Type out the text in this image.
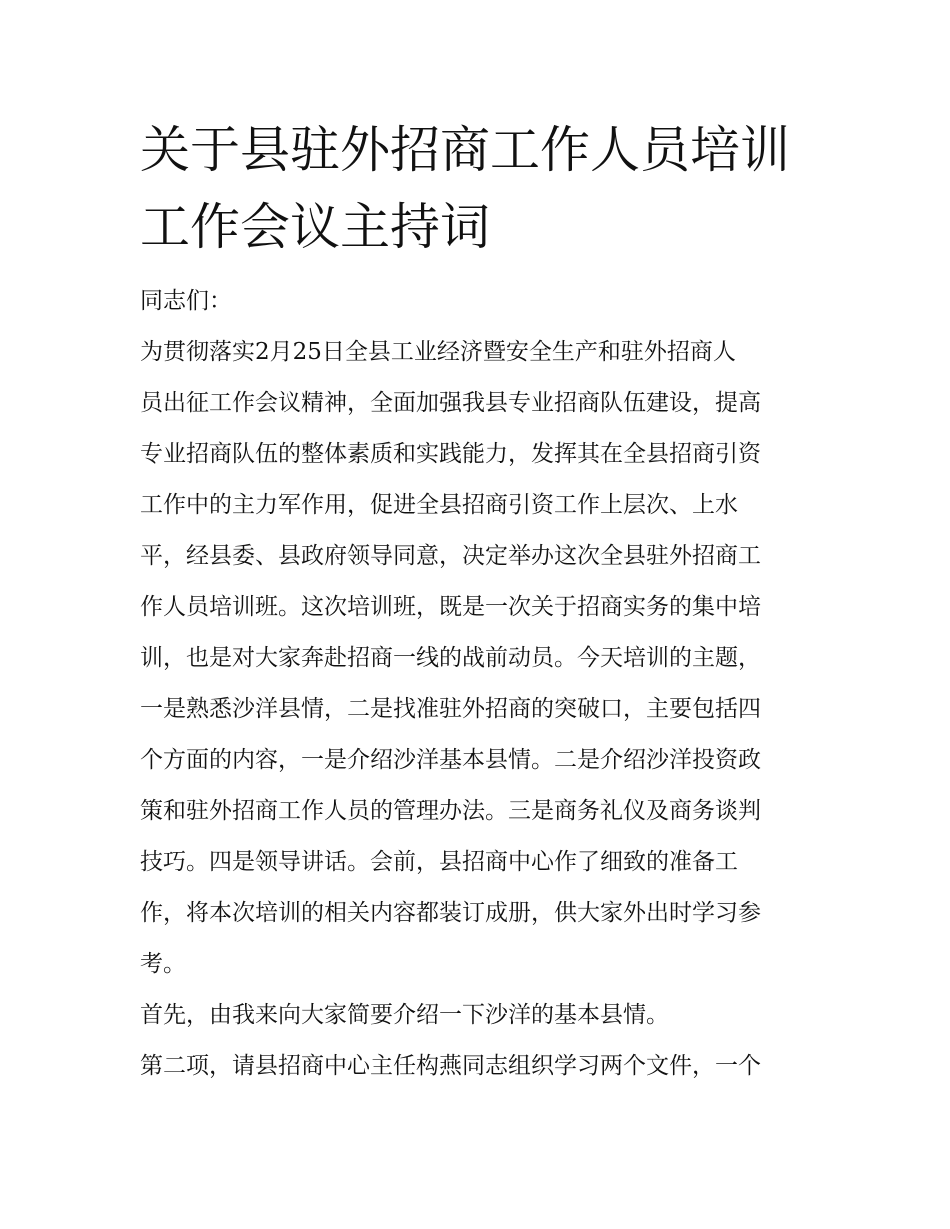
关于县驻外招商工作人员培训
工作会议主持词

同志们：

为贯彻落实2月25日全县工业经济暨安全生产和驻外招商人
员出征工作会议精神，全面加强我县专业招商队伍建设，提高
专业招商队伍的整体素质和实践能力，发挥其在全县招商引资
工作中的主力军作用，促进全县招商引资工作上层次、上水
平，经县委、县政府领导同意，决定举办这次全县驻外招商工
作人员培训班。这次培训班，既是一次关于招商实务的集中培
训，也是对大家奔赴招商一线的战前动员。今天培训的主题，
一是熟悉沙洋县情，二是找准驻外招商的突破口，主要包括四
个方面的内容，一是介绍沙洋基本县情。二是介绍沙洋投资政
策和驻外招商工作人员的管理办法。三是商务礼仪及商务谈判
技巧。四是领导讲话。会前，县招商中心作了细致的准备工
作，将本次培训的相关内容都装订成册，供大家外出时学习参
考。

首先，由我来向大家简要介绍一下沙洋的基本县情。

第二项，请县招商中心主任构燕同志组织学习两个文件，一个
